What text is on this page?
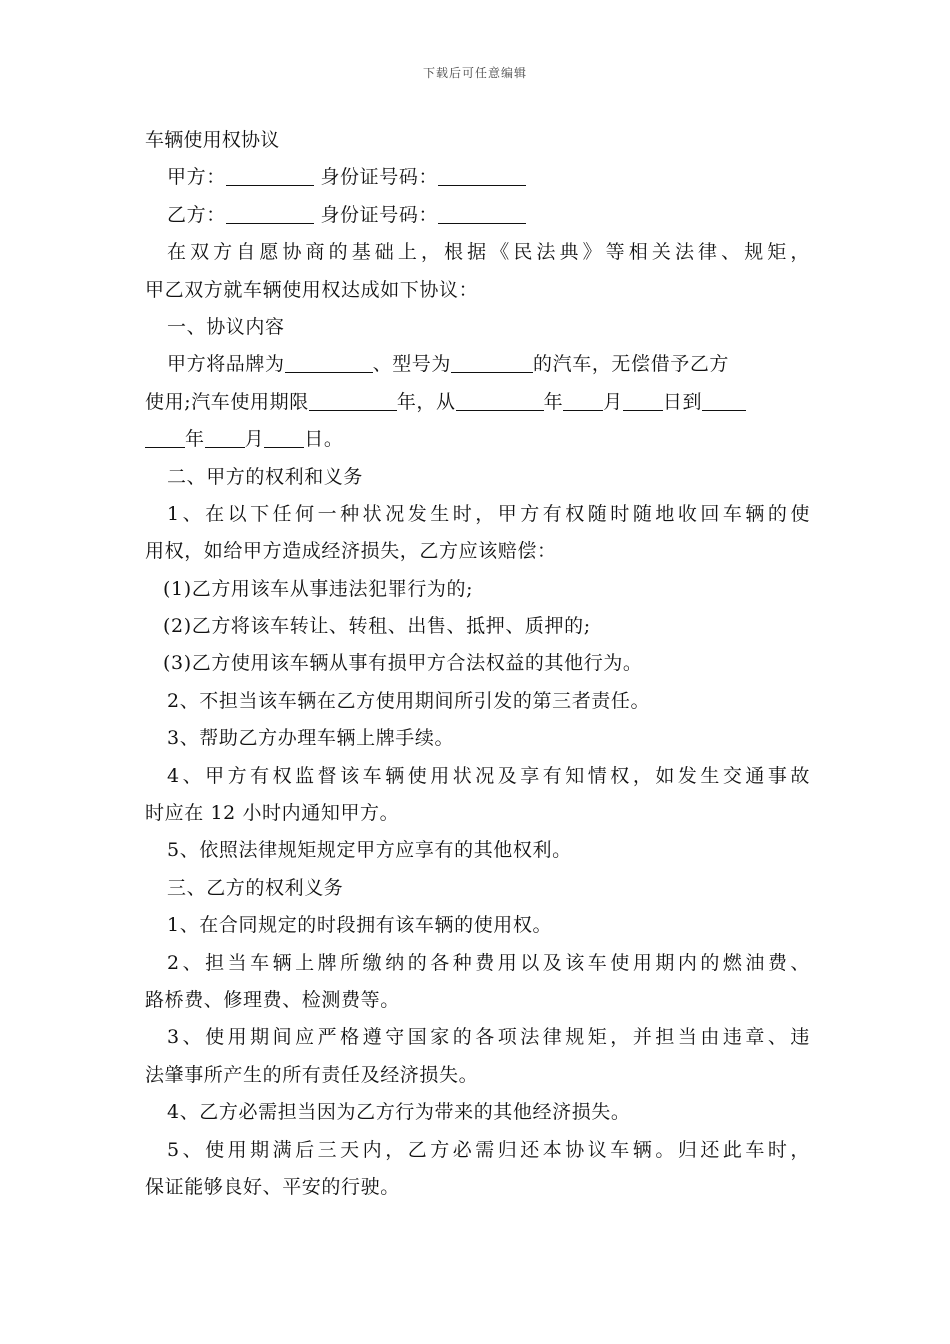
下载后可任意编辑
车辆使用权协议
甲方：	身份证号码：
乙方：	身份证号码：
在双方自愿协商的基础上，根据《民法典》等相关法律、规矩，
甲乙双方就车辆使用权达成如下协议：
一、协议内容
甲方将品牌为	、型号为	的汽车，无偿借予乙方
使用;汽车使用期限	年，从	年 月 日到
年 月 日。
二、甲方的权利和义务
1、在以下任何一种状况发生时，甲方有权随时随地收回车辆的使
用权，如给甲方造成经济损失，乙方应该赔偿：
(1)乙方用该车从事违法犯罪行为的;
(2)乙方将该车转让、转租、出售、抵押、质押的;
(3)乙方使用该车辆从事有损甲方合法权益的其他行为。
2、不担当该车辆在乙方使用期间所引发的第三者责任。
3、帮助乙方办理车辆上牌手续。
4、甲方有权监督该车辆使用状况及享有知情权，如发生交通事故
时应在 12 小时内通知甲方。
5、依照法律规矩规定甲方应享有的其他权利。
三、乙方的权利义务
1、在合同规定的时段拥有该车辆的使用权。
2、担当车辆上牌所缴纳的各种费用以及该车使用期内的燃油费、
路桥费、修理费、检测费等。
3、使用期间应严格遵守国家的各项法律规矩，并担当由违章、违
法肇事所产生的所有责任及经济损失。
4、乙方必需担当因为乙方行为带来的其他经济损失。
5、使用期满后三天内，乙方必需归还本协议车辆。归还此车时，
保证能够良好、平安的行驶。
